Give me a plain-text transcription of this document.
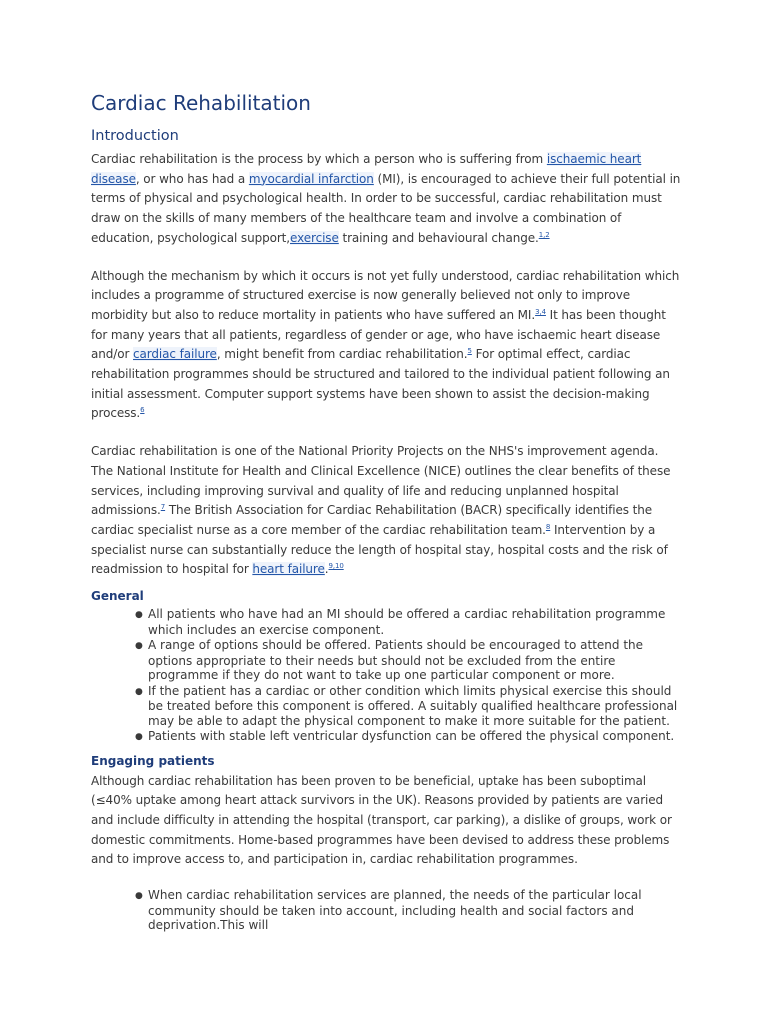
Cardiac Rehabilitation
Introduction

Cardiac rehabilitation is the process by which a person who is suffering from ischaemic heart disease, or who has had a myocardial infarction (MI), is encouraged to achieve their full potential in terms of physical and psychological health. In order to be successful, cardiac rehabilitation must draw on the skills of many members of the healthcare team and involve a combination of education, psychological support,exercise training and behavioural change.$^{1,2}$

Although the mechanism by which it occurs is not yet fully understood, cardiac rehabilitation which includes a programme of structured exercise is now generally believed not only to improve morbidity but also to reduce mortality in patients who have suffered an MI.$^{3,4}$ It has been thought for many years that all patients, regardless of gender or age, who have ischaemic heart disease and/or cardiac failure, might benefit from cardiac rehabilitation.$^5$ For optimal effect, cardiac rehabilitation programmes should be structured and tailored to the individual patient following an initial assessment. Computer support systems have been shown to assist the decision-making process.$^6$

Cardiac rehabilitation is one of the National Priority Projects on the NHS's improvement agenda. The National Institute for Health and Clinical Excellence (NICE) outlines the clear benefits of these services, including improving survival and quality of life and reducing unplanned hospital admissions.$^7$ The British Association for Cardiac Rehabilitation (BACR) specifically identifies the cardiac specialist nurse as a core member of the cardiac rehabilitation team.$^8$ Intervention by a specialist nurse can substantially reduce the length of hospital stay, hospital costs and the risk of readmission to hospital for heart failure.$^{9,10}$

General
● All patients who have had an MI should be offered a cardiac rehabilitation programme which includes an exercise component.
● A range of options should be offered. Patients should be encouraged to attend the options appropriate to their needs but should not be excluded from the entire programme if they do not want to take up one particular component or more.
● If the patient has a cardiac or other condition which limits physical exercise this should be treated before this component is offered. A suitably qualified healthcare professional may be able to adapt the physical component to make it more suitable for the patient.
● Patients with stable left ventricular dysfunction can be offered the physical component.
Engaging patients

Although cardiac rehabilitation has been proven to be beneficial, uptake has been suboptimal (≤40% uptake among heart attack survivors in the UK). Reasons provided by patients are varied and include difficulty in attending the hospital (transport, car parking), a dislike of groups, work or domestic commitments. Home-based programmes have been devised to address these problems and to improve access to, and participation in, cardiac rehabilitation programmes.

● When cardiac rehabilitation services are planned, the needs of the particular local community should be taken into account, including health and social factors and deprivation.This will
